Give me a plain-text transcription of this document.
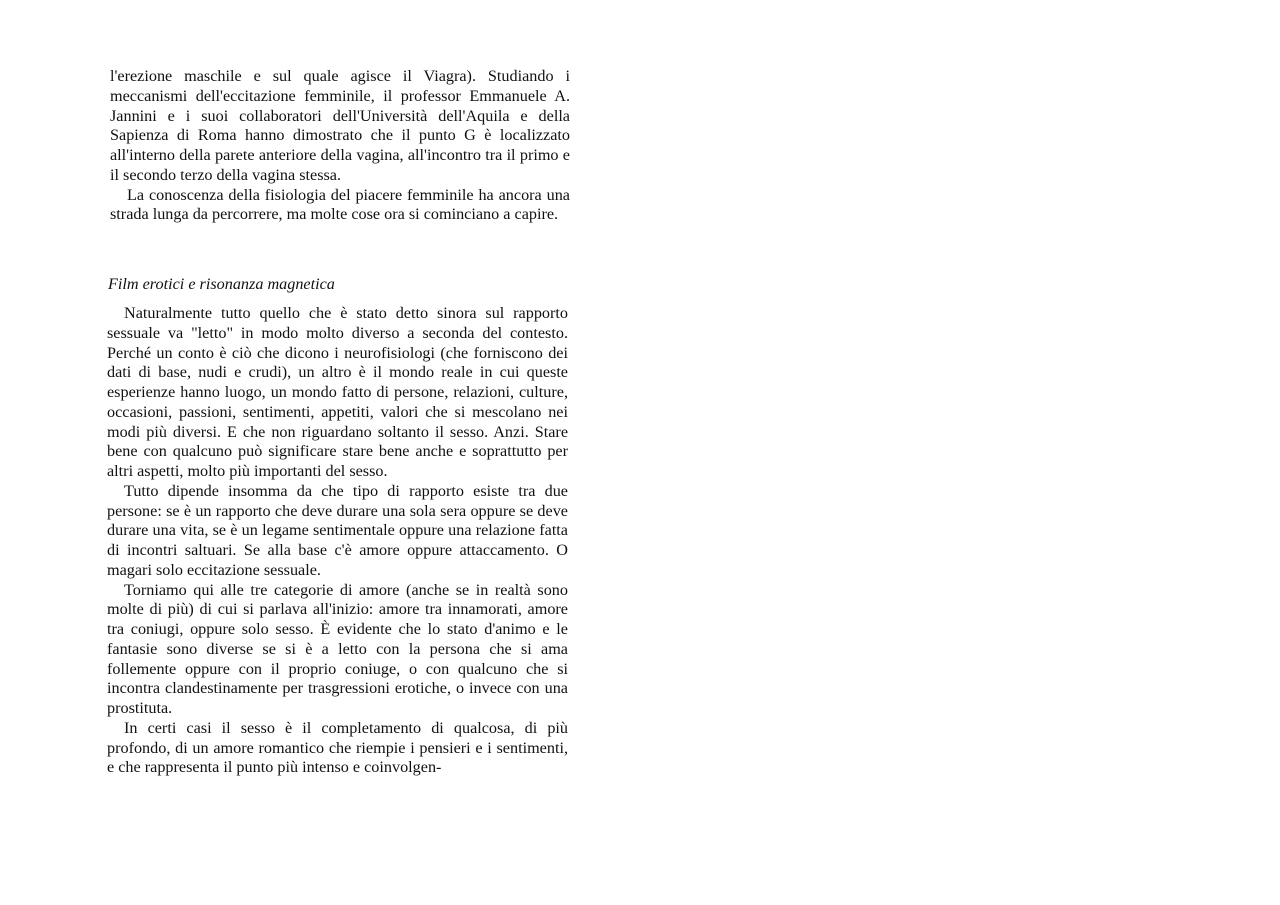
l'erezione maschile e sul quale agisce il Viagra). Studiando i meccanismi dell'eccitazione femminile, il professor Emmanuele A. Jannini e i suoi collaboratori dell'Università dell'Aquila e della Sapienza di Roma hanno dimostrato che il punto G è localizzato all'interno della parete anteriore della vagina, all'incontro tra il primo e il secondo terzo della vagina stessa.

La conoscenza della fisiologia del piacere femminile ha ancora una strada lunga da percorrere, ma molte cose ora si cominciano a capire.

Film erotici e risonanza magnetica

Naturalmente tutto quello che è stato detto sinora sul rapporto sessuale va "letto" in modo molto diverso a seconda del contesto. Perché un conto è ciò che dicono i neurofisiologi (che forniscono dei dati di base, nudi e crudi), un altro è il mondo reale in cui queste esperienze hanno luogo, un mondo fatto di persone, relazioni, culture, occasioni, passioni, sentimenti, appetiti, valori che si mescolano nei modi più diversi. E che non riguardano soltanto il sesso. Anzi. Stare bene con qualcuno può significare stare bene anche e soprattutto per altri aspetti, molto più importanti del sesso.

Tutto dipende insomma da che tipo di rapporto esiste tra due persone: se è un rapporto che deve durare una sola sera oppure se deve durare una vita, se è un legame sentimentale oppure una relazione fatta di incontri saltuari. Se alla base c'è amore oppure attaccamento. O magari solo eccitazione sessuale.

Torniamo qui alle tre categorie di amore (anche se in realtà sono molte di più) di cui si parlava all'inizio: amore tra innamorati, amore tra coniugi, oppure solo sesso. È evidente che lo stato d'animo e le fantasie sono diverse se si è a letto con la persona che si ama follemente oppure con il proprio coniuge, o con qualcuno che si incontra clandestinamente per trasgressioni erotiche, o invece con una prostituta.

In certi casi il sesso è il completamento di qualcosa, di più profondo, di un amore romantico che riempie i pensieri e i sentimenti, e che rappresenta il punto più intenso e coinvolgen-
